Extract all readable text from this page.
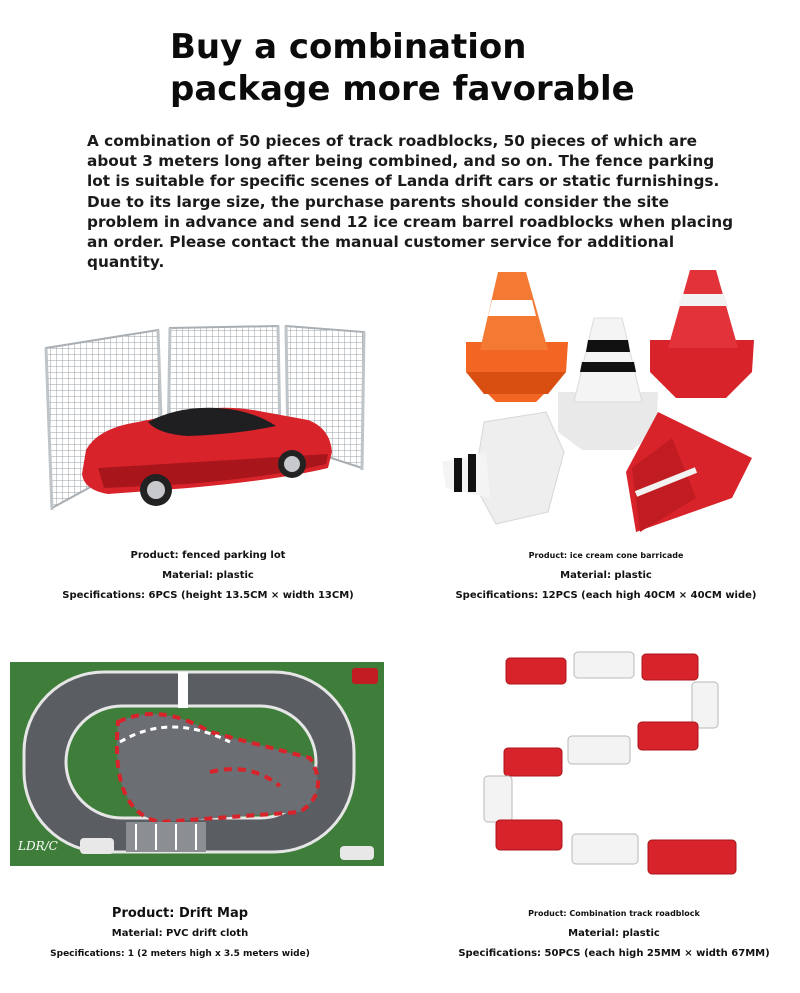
Buy a combination
package more favorable
A combination of 50 pieces of track roadblocks, 50 pieces of which are about 3 meters long after being combined, and so on. The fence parking lot is suitable for specific scenes of Landa drift cars or static furnishings. Due to its large size, the purchase parents should consider the site problem in advance and send 12 ice cream barrel roadblocks when placing an order. Please contact the manual customer service for additional quantity.
Product: fenced parking lot
Material: plastic
Specifications: 6PCS (height 13.5CM × width 13CM)
Product: ice cream cone barricade
Material: plastic
Specifications: 12PCS (each high 40CM × 40CM wide)
LDR/C
Product: Drift Map
Material: PVC drift cloth
Specifications: 1 (2 meters high x 3.5 meters wide)
Product: Combination track roadblock
Material: plastic
Specifications: 50PCS (each high 25MM × width 67MM)
